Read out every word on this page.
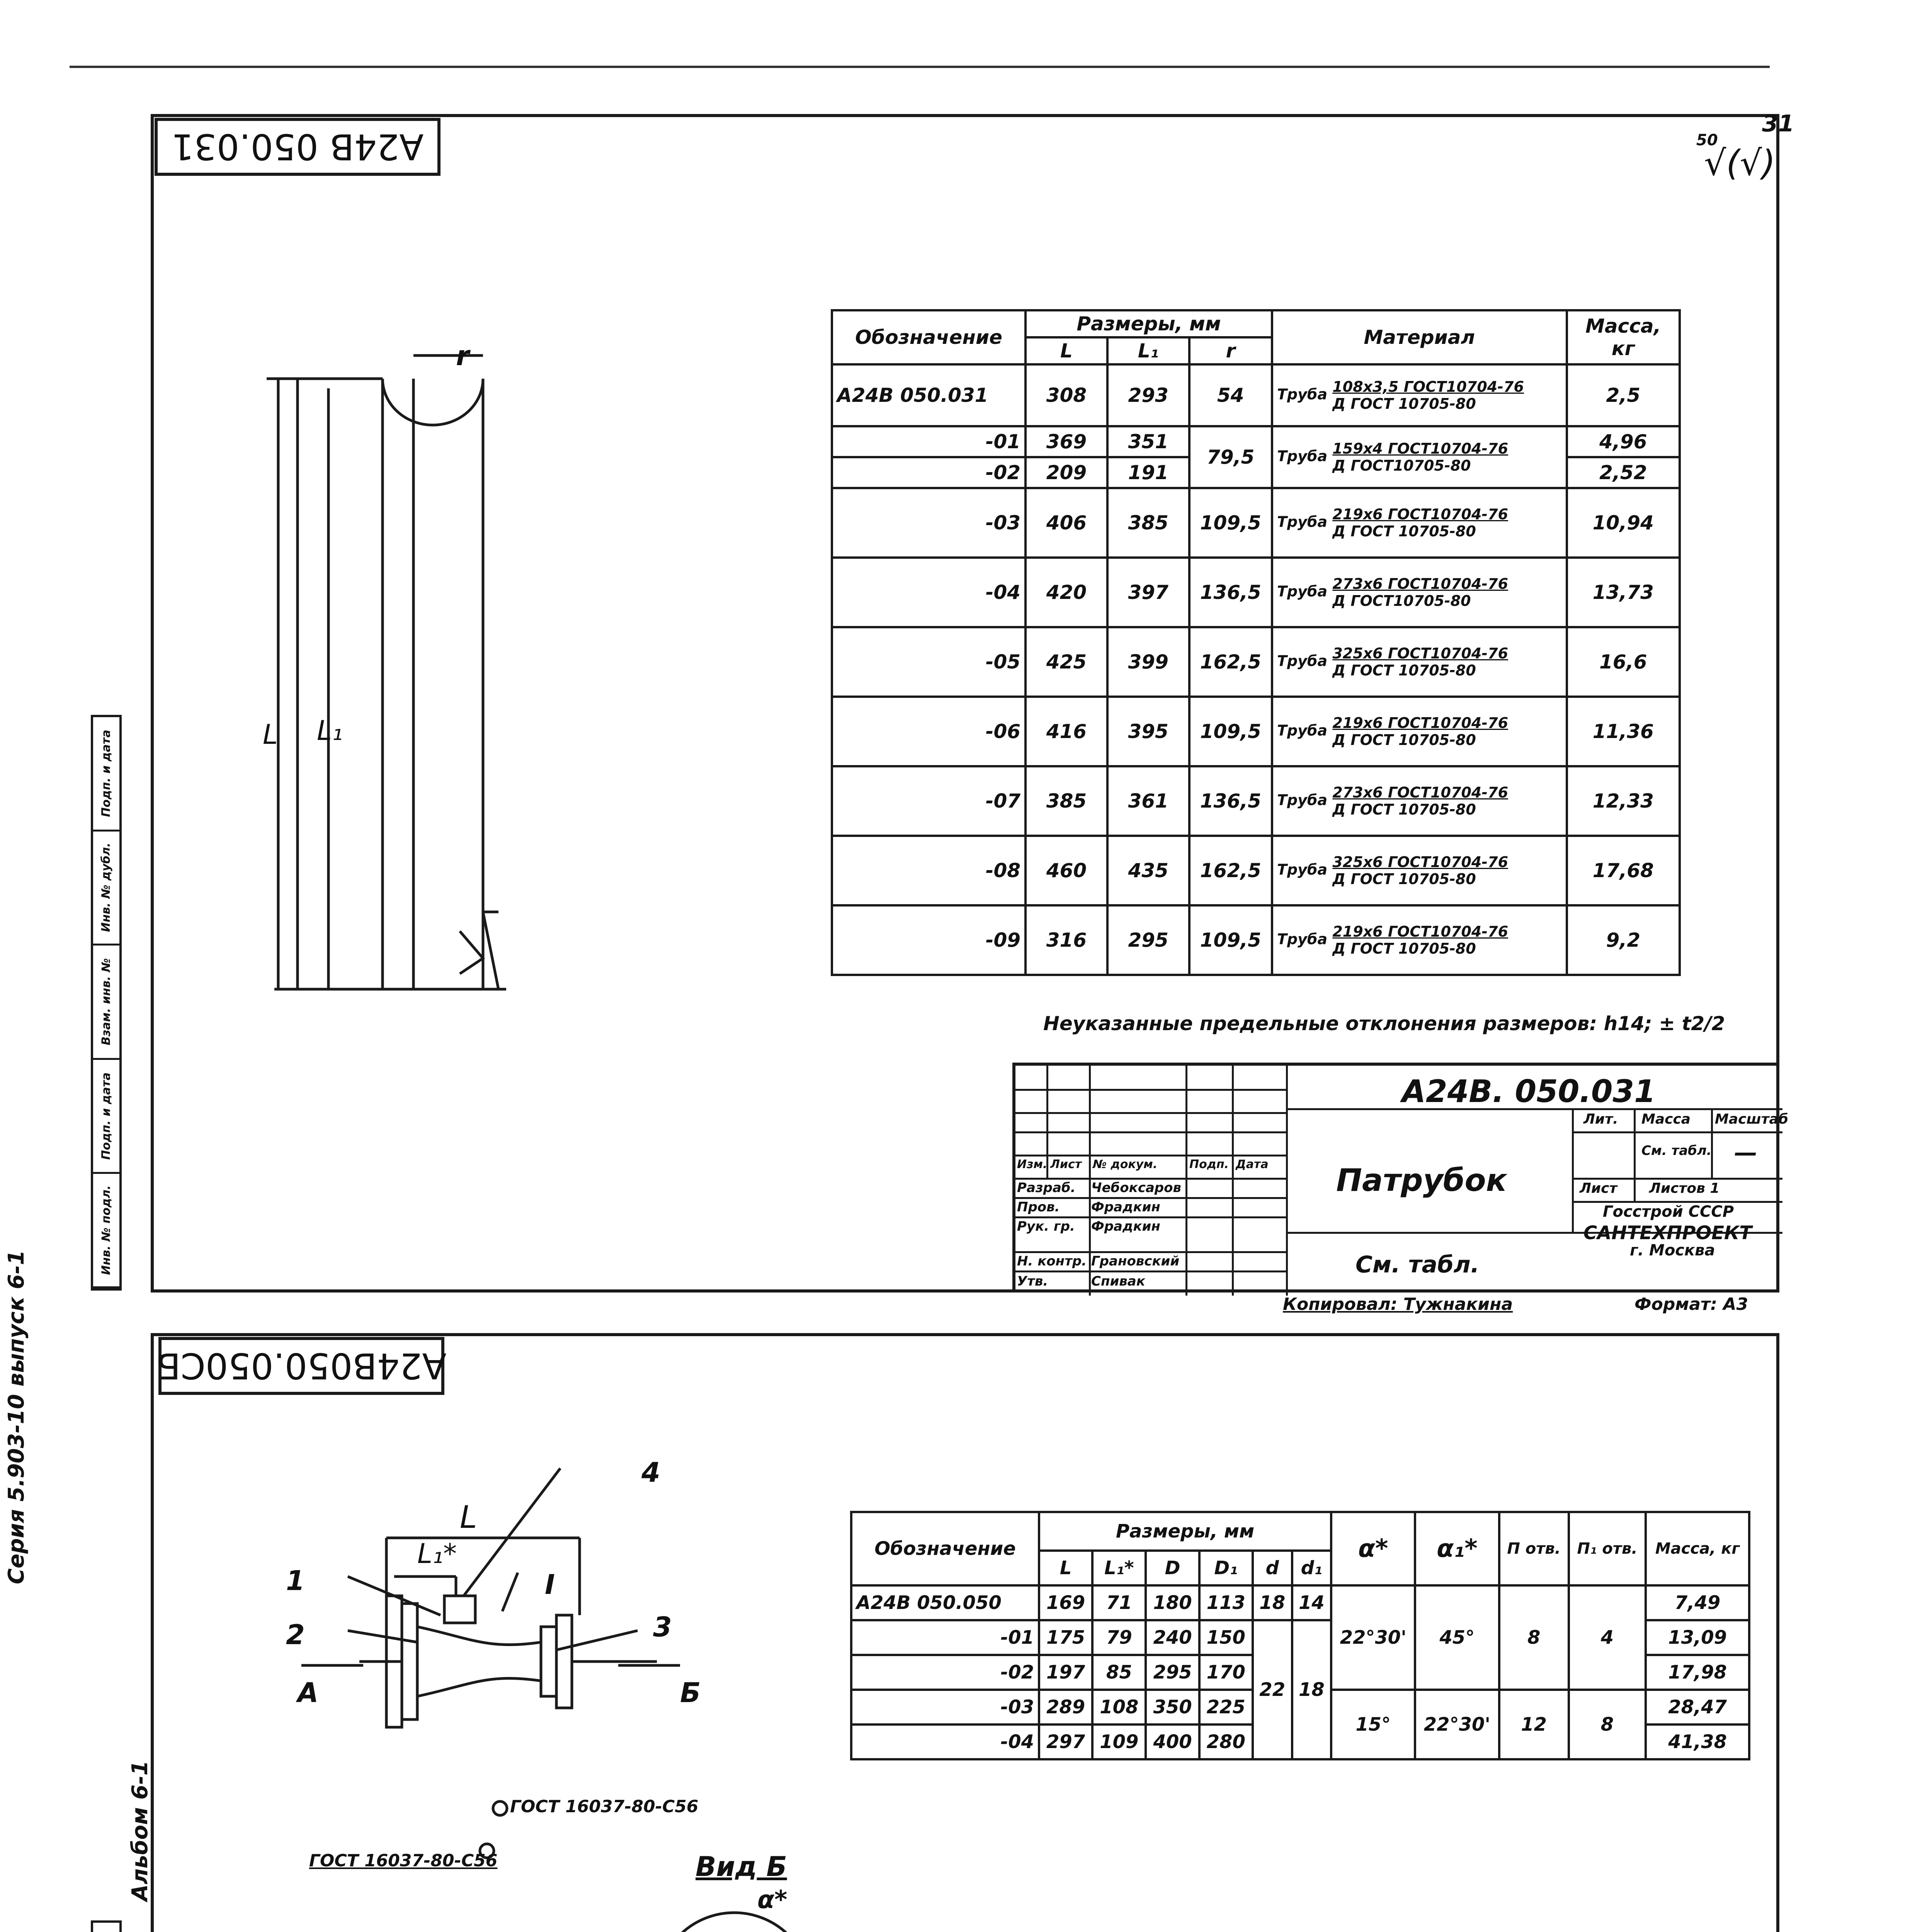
31
А24В 050.031	50
√(√)
L L₁
r
Обозначение	Размеры, мм			Материал	Масса, кг
	L	L₁	r		
А24В 050.031	308	293	54	Труба 108х3,5 ГОСТ10704-76
Д ГОСТ 10705-80	2,5
-01	369	351	79,5	Труба 159х4 ГОСТ10704-76
Д ГОСТ10705-80	4,96
-02	209	191			2,52
-03	406	385	109,5	Труба 219х6 ГОСТ10704-76
Д ГОСТ 10705-80	10,94
-04	420	397	136,5	Труба 273х6 ГОСТ10704-76
Д ГОСТ10705-80	13,73
-05	425	399	162,5	Труба 325х6 ГОСТ10704-76
Д ГОСТ 10705-80	16,6
-06	416	395	109,5	Труба 219х6 ГОСТ10704-76
Д ГОСТ 10705-80	11,36
-07	385	361	136,5	Труба 273х6 ГОСТ10704-76
Д ГОСТ 10705-80	12,33
-08	460	435	162,5	Труба 325х6 ГОСТ10704-76
Д ГОСТ 10705-80	17,68
-09	316	295	109,5	Труба 219х6 ГОСТ10704-76
Д ГОСТ 10705-80	9,2
Неуказанные предельные отклонения размеров: h14; ± t2/2
А24В. 050.031
Патрубок
См. табл.
Лит. Масса Масштаб
См. табл. —
Лист Листов 1
Госстрой СССР
САНТЕХПРОЕКТ
г. Москва
Изм. Лист № докум.	Подп. Дата
Разраб. Чебоксаров
Пров. Фрадкин
Рук. гр. Фрадкин
Н. контр. Грановский
Утв.	Спивак
Копировал: Тужнакина	Формат: А3
Подп. и дата
Инв. № дубл.
Взам. инв. №
Подп. и дата
Инв. № подл.
А24В050.050СБ
Серия 5.903-10 выпуск 6-1
Альбом 6-1
L
L₁*
4
1
2	3
I
А	Б
ГОСТ 16037-80-С56
ГОСТ 16037-80-С56	Вид Б
α*
Обозначение	Размеры, мм						α*	α₁*	П отв.	П₁ отв.	Масса, кг
	L	L₁*	D	D₁	d	d₁					
А24В 050.050	169	71	180	113	18	14	22°30'	45°	8	4	7,49
-01	175	79	240	150	22	18					13,09
-02	197	85	295	170							17,98
-03	289	108	350	225			15°	22°30'	12	8	28,47
-04	297	109	400	280							41,38
